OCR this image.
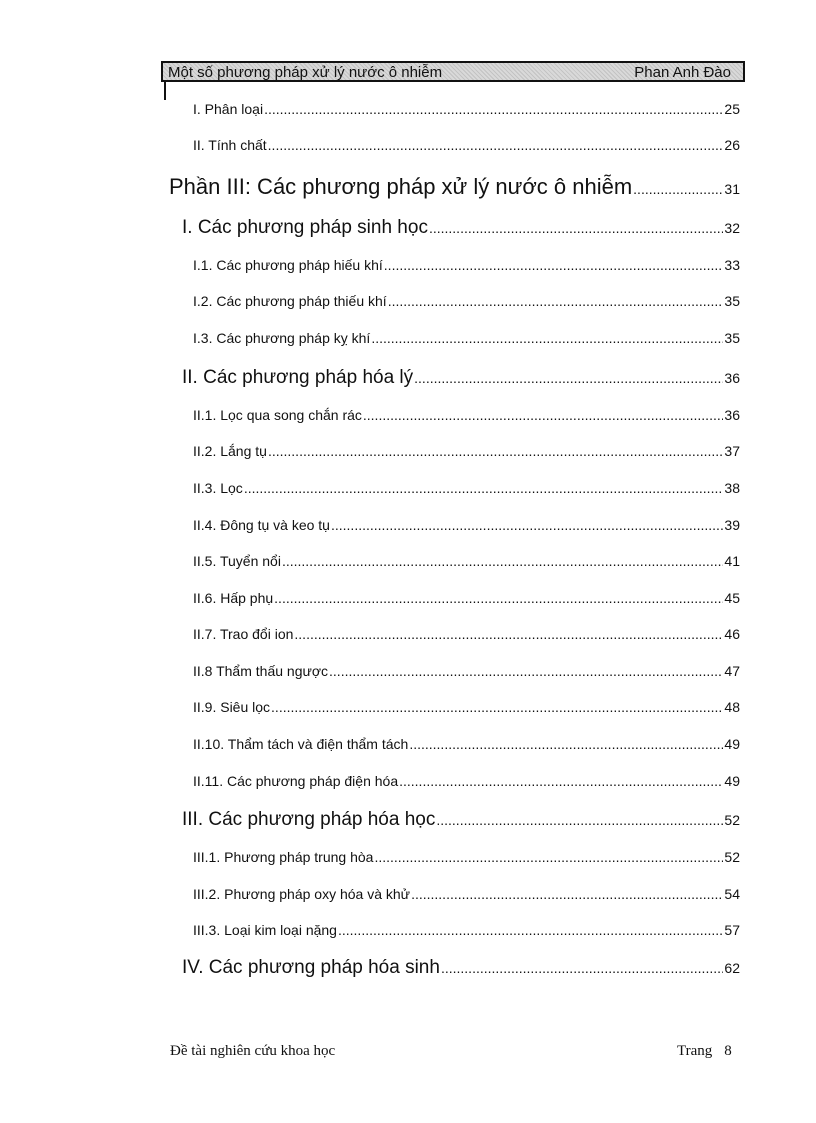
Một số phương pháp xử lý nước ô nhiễm	Phan Anh Đào
I. Phân loại .....	25
II. Tính chất .....	26
Phần III: Các phương pháp xử lý nước ô nhiễm .....	31
I. Các phương pháp sinh học .....	32
I.1. Các phương pháp hiếu khí .....	33
I.2. Các phương pháp thiếu khí .....	35
I.3. Các phương pháp kỵ khí .....	35
II. Các phương pháp hóa lý .....	36
II.1. Lọc qua song chắn rác .....	36
II.2. Lắng tụ .....	37
II.3. Lọc .....	38
II.4. Đông tụ và keo tụ .....	39
II.5. Tuyển nổi .....	41
II.6. Hấp phụ .....	45
II.7. Trao đổi ion .....	46
II.8 Thẩm thấu ngược .....	47
II.9. Siêu lọc .....	48
II.10. Thẩm tách và điện thẩm tách .....	49
II.11. Các phương pháp điện hóa .....	49
III. Các phương pháp hóa học .....	52
III.1. Phương pháp trung hòa .....	52
III.2. Phương pháp oxy hóa và khử .....	54
III.3. Loại kim loại nặng .....	57
IV. Các phương pháp hóa sinh .....	62
Đề tài nghiên cứu khoa học	Trang 8
